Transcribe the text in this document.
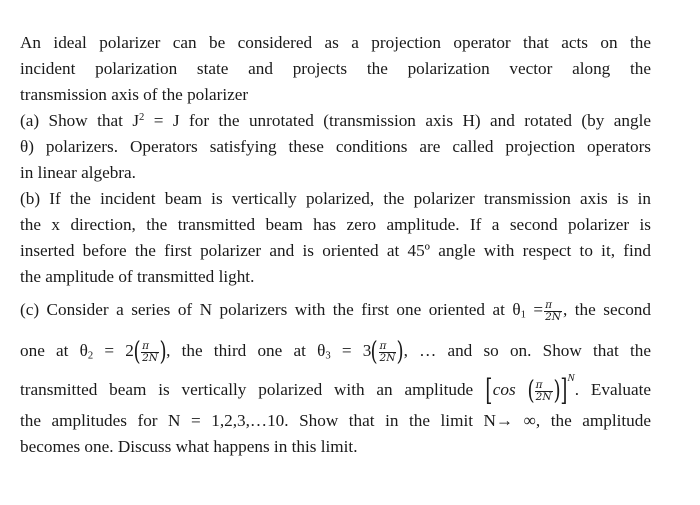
An ideal polarizer can be considered as a projection operator that acts on the
incident polarization state and projects the polarization vector along the
transmission axis of the polarizer
(a) Show that $J^2 = J$ for the unrotated (transmission axis H) and rotated (by angle
θ) polarizers. Operators satisfying these conditions are called projection operators
in linear algebra.
(b) If the incident beam is vertically polarized, the polarizer transmission axis is in
the x direction, the transmitted beam has zero amplitude. If a second polarizer is
inserted before the first polarizer and is oriented at 45º angle with respect to it, find
the amplitude of transmitted light.
(c) Consider a series of N polarizers with the first one oriented at $\theta_1 = \frac{\pi}{2N}$ , the second
one at $\theta_2 = 2( \frac{\pi}{2N}$ ), the third one at $\theta_3 = 3( \frac{\pi}{2N}$ ), … and so on. Show that the
transmitted beam is vertically polarized with an amplitude [cos ( $\frac{\pi}{2N} )]^N$. Evaluate
the amplitudes for N = 1,2,3,…10. Show that in the limit N→ ∞, the amplitude
becomes one. Discuss what happens in this limit.
